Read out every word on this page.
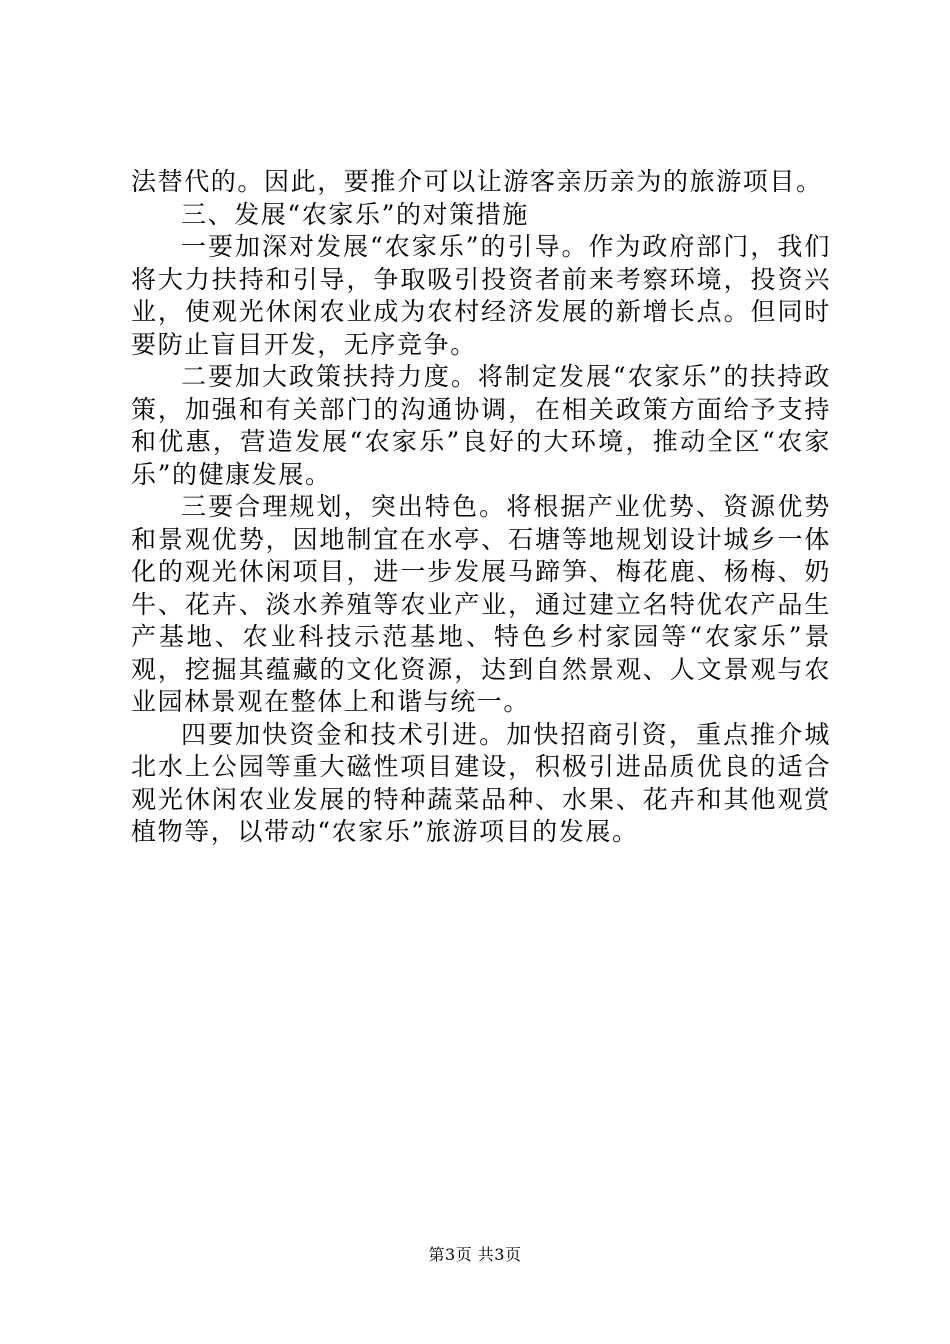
法替代的。因此，要推介可以让游客亲历亲为的旅游项目。

三、发展“农家乐”的对策措施

一要加深对发展“农家乐”的引导。作为政府部门，我们将大力扶持和引导，争取吸引投资者前来考察环境，投资兴业，使观光休闲农业成为农村经济发展的新增长点。但同时要防止盲目开发，无序竞争。

二要加大政策扶持力度。将制定发展“农家乐”的扶持政策，加强和有关部门的沟通协调，在相关政策方面给予支持和优惠，营造发展“农家乐”良好的大环境，推动全区“农家乐”的健康发展。

三要合理规划，突出特色。将根据产业优势、资源优势和景观优势，因地制宜在水亭、石塘等地规划设计城乡一体化的观光休闲项目，进一步发展马蹄笋、梅花鹿、杨梅、奶牛、花卉、淡水养殖等农业产业，通过建立名特优农产品生产基地、农业科技示范基地、特色乡村家园等“农家乐”景观，挖掘其蕴藏的文化资源，达到自然景观、人文景观与农业园林景观在整体上和谐与统一。

四要加快资金和技术引进。加快招商引资，重点推介城北水上公园等重大磁性项目建设，积极引进品质优良的适合观光休闲农业发展的特种蔬菜品种、水果、花卉和其他观赏植物等，以带动“农家乐”旅游项目的发展。

第3页 共3页
